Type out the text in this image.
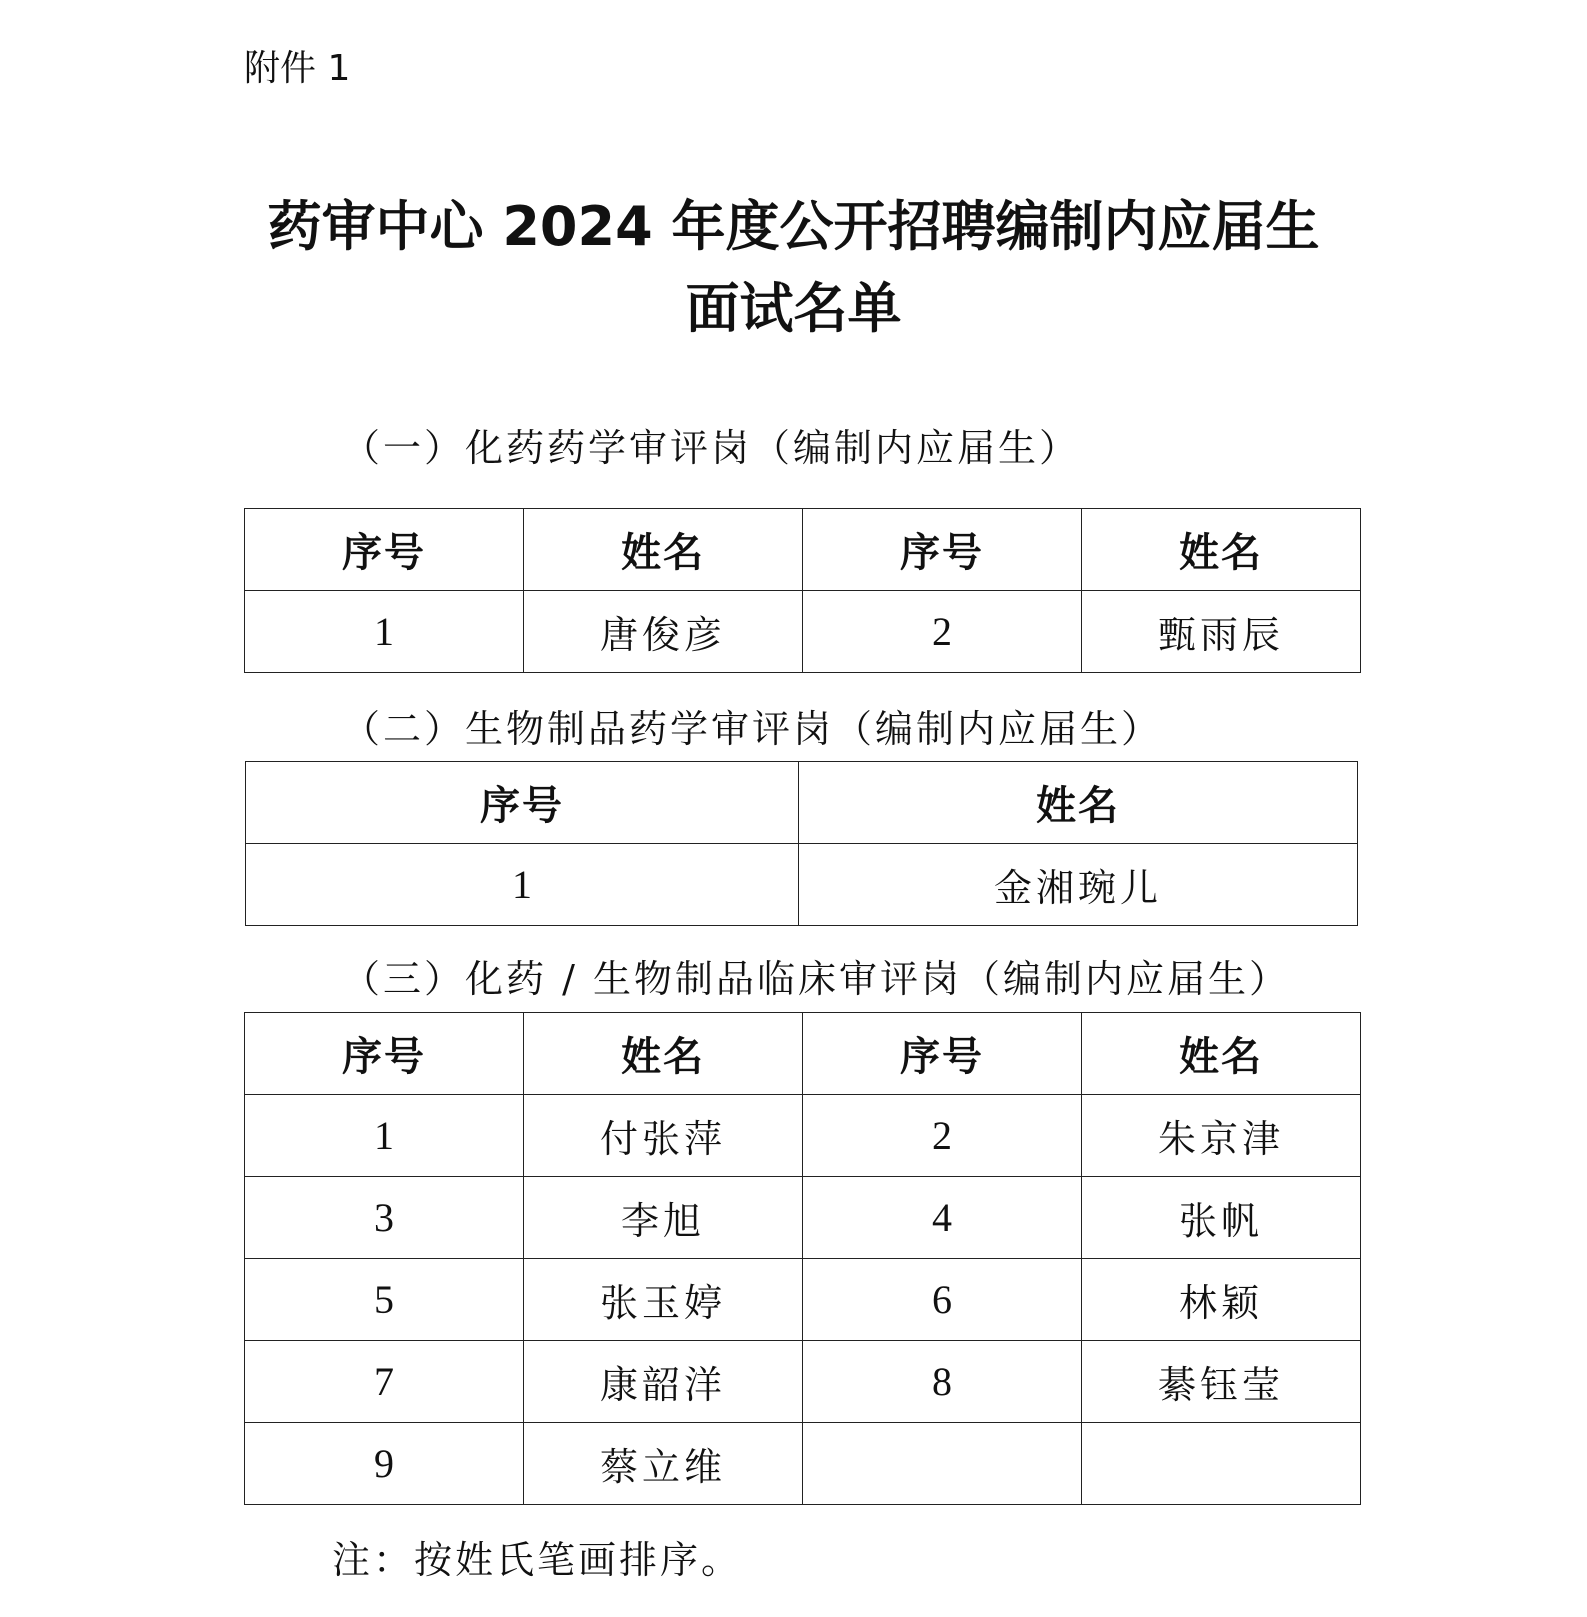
附件 1
药审中心 2024 年度公开招聘编制内应届生
面试名单
（一）化药药学审评岗（编制内应届生）
序号	姓名	序号	姓名
1	唐俊彦	2	甄雨辰
（二）生物制品药学审评岗（编制内应届生）
序号	姓名
1	金湘琬儿
（三）化药 / 生物制品临床审评岗（编制内应届生）
序号	姓名	序号	姓名
1	付张萍	2	朱京津
3	李旭	4	张帆
5	张玉婷	6	林颖
7	康韶洋	8	綦钰莹
9	蔡立维		
注：按姓氏笔画排序。
